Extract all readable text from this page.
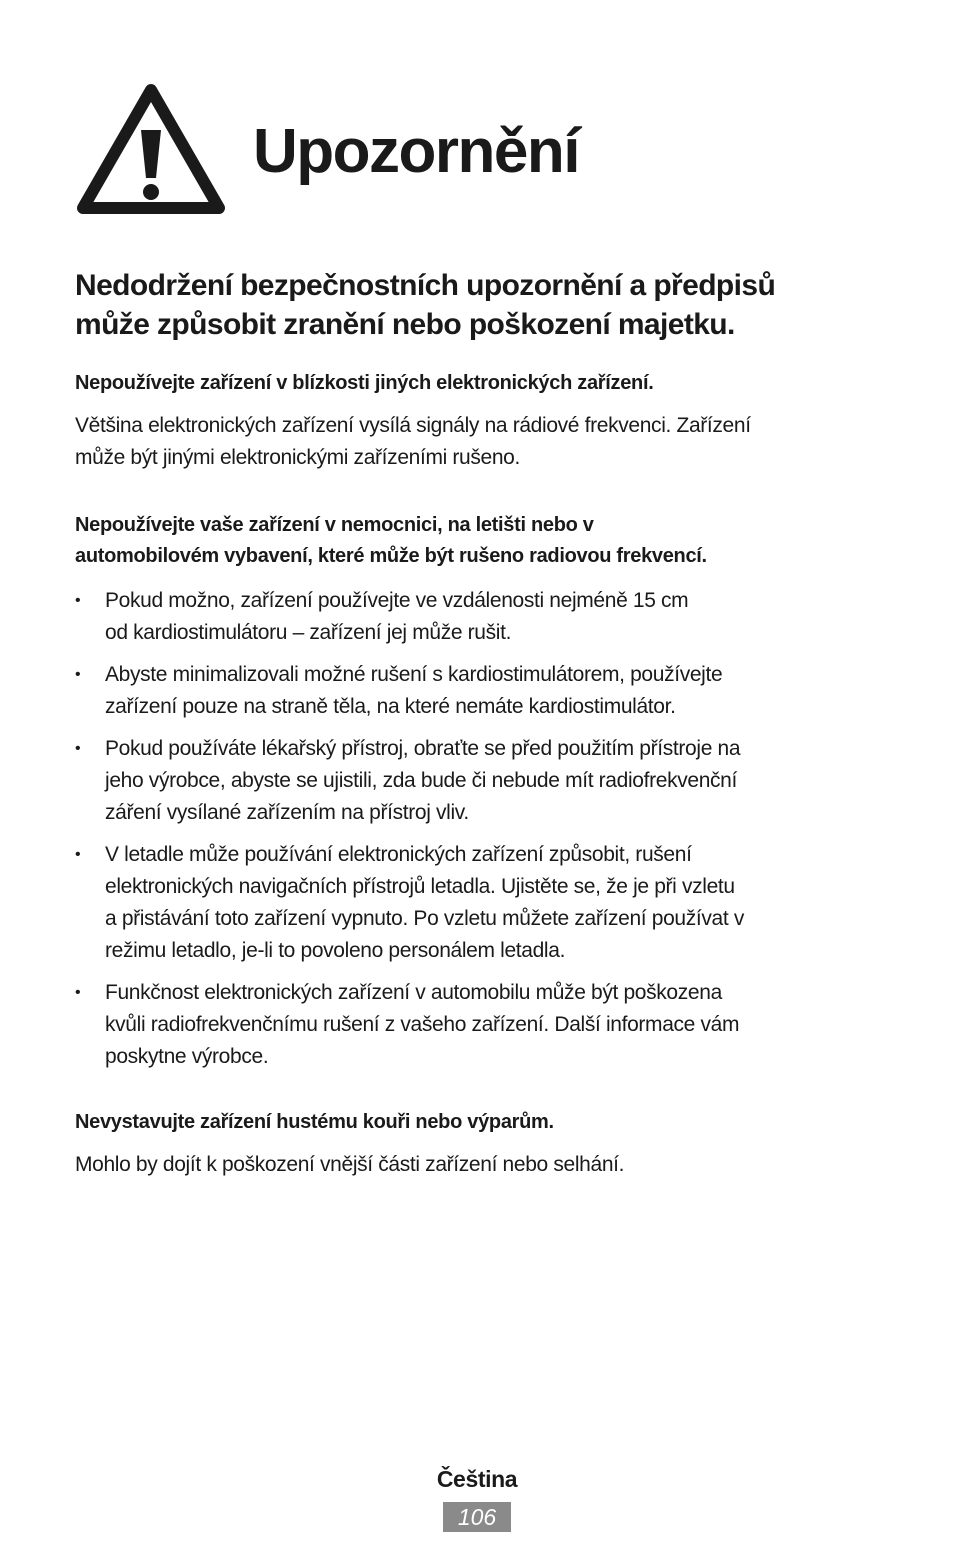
Upozornění
Nedodržení bezpečnostních upozornění a předpisů
může způsobit zranění nebo poškození majetku.
Nepoužívejte zařízení v blízkosti jiných elektronických zařízení.

Většina elektronických zařízení vysílá signály na rádiové frekvenci. Zařízení
může být jinými elektronickými zařízeními rušeno.

Nepoužívejte vaše zařízení v nemocnici, na letišti nebo v
automobilovém vybavení, které může být rušeno radiovou frekvencí.
• Pokud možno, zařízení používejte ve vzdálenosti nejméně 15 cm
od kardiostimulátoru – zařízení jej může rušit.
• Abyste minimalizovali možné rušení s kardiostimulátorem, používejte
zařízení pouze na straně těla, na které nemáte kardiostimulátor.
• Pokud používáte lékařský přístroj, obraťte se před použitím přístroje na
jeho výrobce, abyste se ujistili, zda bude či nebude mít radiofrekvenční
záření vysílané zařízením na přístroj vliv.
• V letadle může používání elektronických zařízení způsobit, rušení
elektronických navigačních přístrojů letadla. Ujistěte se, že je při vzletu
a přistávání toto zařízení vypnuto. Po vzletu můžete zařízení používat v
režimu letadlo, je-li to povoleno personálem letadla.
• Funkčnost elektronických zařízení v automobilu může být poškozena
kvůli radiofrekvenčnímu rušení z vašeho zařízení. Další informace vám
poskytne výrobce.
Nevystavujte zařízení hustému kouři nebo výparům.

Mohlo by dojít k poškození vnější části zařízení nebo selhání.

Čeština
106
